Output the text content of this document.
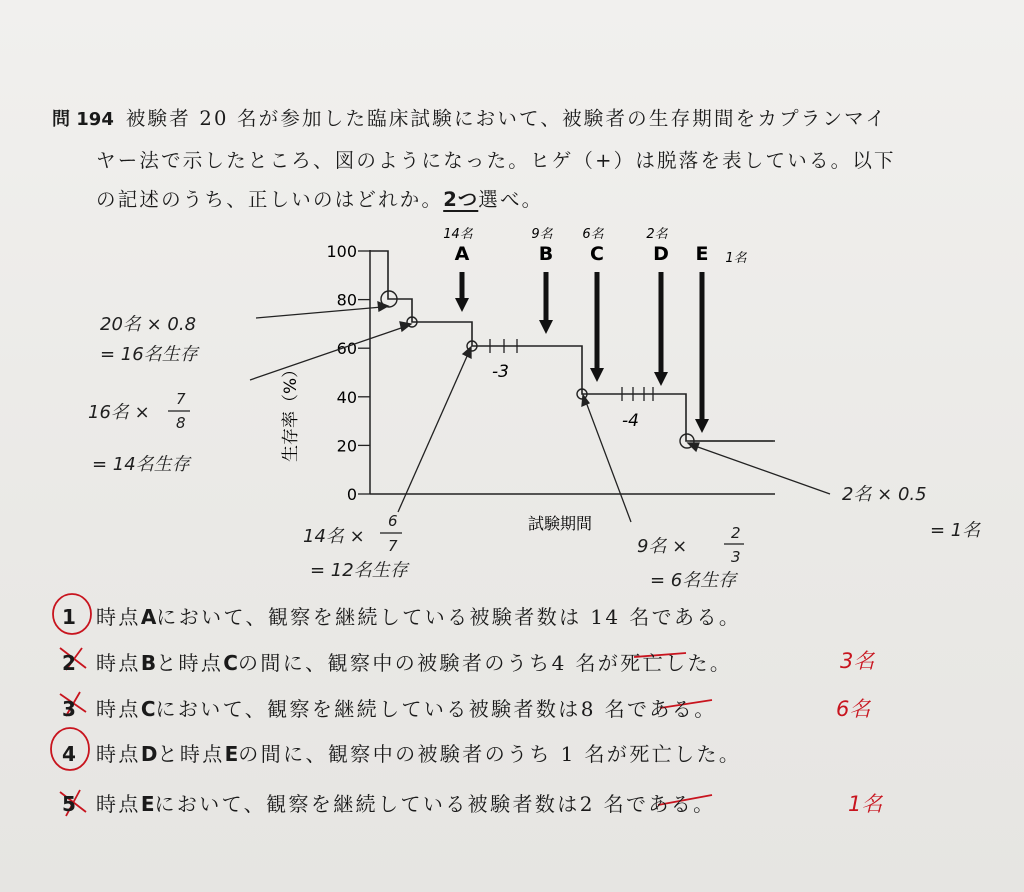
問 194 被験者 20 名が参加した臨床試験において、被験者の生存期間をカプランマイ
ヤー法で示したところ、図のようになった。ヒゲ（+）は脱落を表している。以下
の記述のうち、正しいのはどれか。2つ選べ。
0
20
40
60
80
100
生存率（%）
試験期間
-3
-4
A
14名
B
9名
C
6名
D
2名
E 1名
20名 × 0.8
= 16名生存
16名 ×
7
8
= 14名生存
14名 ×
6
7
= 12名生存
9名 ×
2
3
= 6名生存
2名 × 0.5
= 1名
1 時点Aにおいて、観察を継続している被験者数は 14 名である。
2 時点Bと時点Cの間に、観察中の被験者のうち4 名が死亡した。
3 時点Cにおいて、観察を継続している被験者数は8 名である。
4 時点Dと時点Eの間に、観察中の被験者のうち 1 名が死亡した。
5 時点Eにおいて、観察を継続している被験者数は2 名である。
3名
6名
1名
